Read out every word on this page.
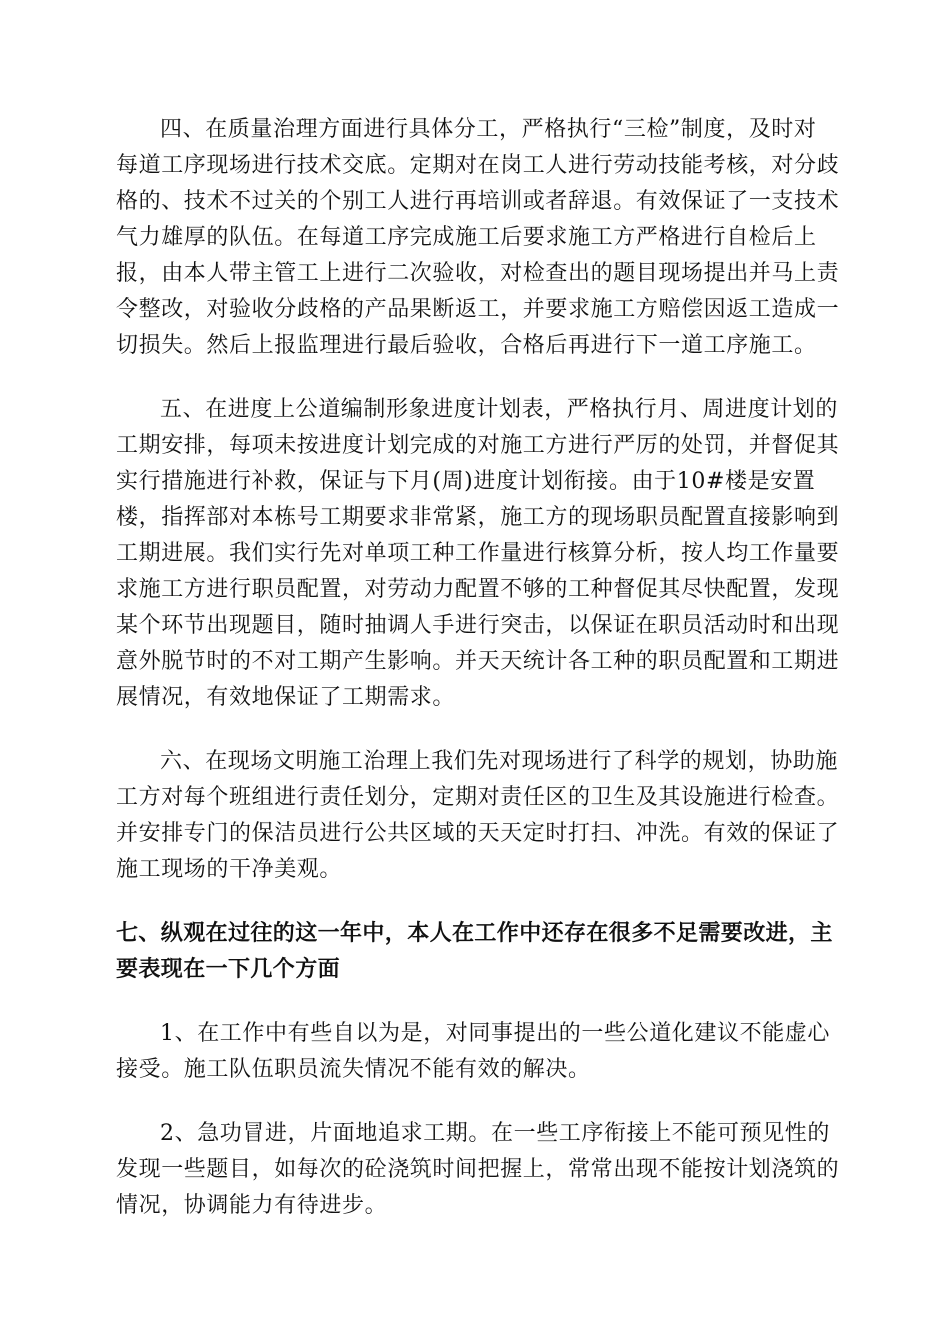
四、在质量治理方面进行具体分工，严格执行“三检”制度，及时对
每道工序现场进行技术交底。定期对在岗工人进行劳动技能考核，对分歧
格的、技术不过关的个别工人进行再培训或者辞退。有效保证了一支技术
气力雄厚的队伍。在每道工序完成施工后要求施工方严格进行自检后上
报，由本人带主管工上进行二次验收，对检查出的题目现场提出并马上责
令整改，对验收分歧格的产品果断返工，并要求施工方赔偿因返工造成一
切损失。然后上报监理进行最后验收，合格后再进行下一道工序施工。
五、在进度上公道编制形象进度计划表，严格执行月、周进度计划的
工期安排，每项未按进度计划完成的对施工方进行严厉的处罚，并督促其
实行措施进行补救，保证与下月(周)进度计划衔接。由于10#楼是安置
楼，指挥部对本栋号工期要求非常紧，施工方的现场职员配置直接影响到
工期进展。我们实行先对单项工种工作量进行核算分析，按人均工作量要
求施工方进行职员配置，对劳动力配置不够的工种督促其尽快配置，发现
某个环节出现题目，随时抽调人手进行突击，以保证在职员活动时和出现
意外脱节时的不对工期产生影响。并天天统计各工种的职员配置和工期进
展情况，有效地保证了工期需求。
六、在现场文明施工治理上我们先对现场进行了科学的规划，协助施
工方对每个班组进行责任划分，定期对责任区的卫生及其设施进行检查。
并安排专门的保洁员进行公共区域的天天定时打扫、冲洗。有效的保证了
施工现场的干净美观。
七、纵观在过往的这一年中，本人在工作中还存在很多不足需要改进，主
要表现在一下几个方面
1、在工作中有些自以为是，对同事提出的一些公道化建议不能虚心
接受。施工队伍职员流失情况不能有效的解决。
2、急功冒进，片面地追求工期。在一些工序衔接上不能可预见性的
发现一些题目，如每次的砼浇筑时间把握上，常常出现不能按计划浇筑的
情况，协调能力有待进步。
